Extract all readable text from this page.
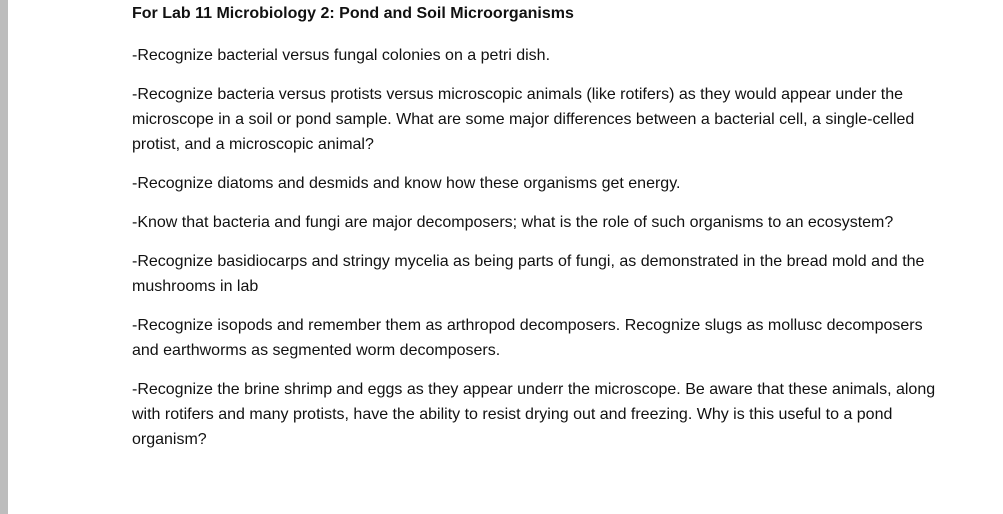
For Lab 11 Microbiology 2: Pond and Soil Microorganisms

-Recognize bacterial versus fungal colonies on a petri dish.

-Recognize bacteria versus protists versus microscopic animals (like rotifers) as they would appear under the microscope in a soil or pond sample. What are some major differences between a bacterial cell, a single-celled protist, and a microscopic animal?

-Recognize diatoms and desmids and know how these organisms get energy.

-Know that bacteria and fungi are major decomposers; what is the role of such organisms to an ecosystem?

-Recognize basidiocarps and stringy mycelia as being parts of fungi, as demonstrated in the bread mold and the mushrooms in lab

-Recognize isopods and remember them as arthropod decomposers. Recognize slugs as mollusc decomposers and earthworms as segmented worm decomposers.

-Recognize the brine shrimp and eggs as they appear underr the microscope. Be aware that these animals, along with rotifers and many protists, have the ability to resist drying out and freezing. Why is this useful to a pond organism?
